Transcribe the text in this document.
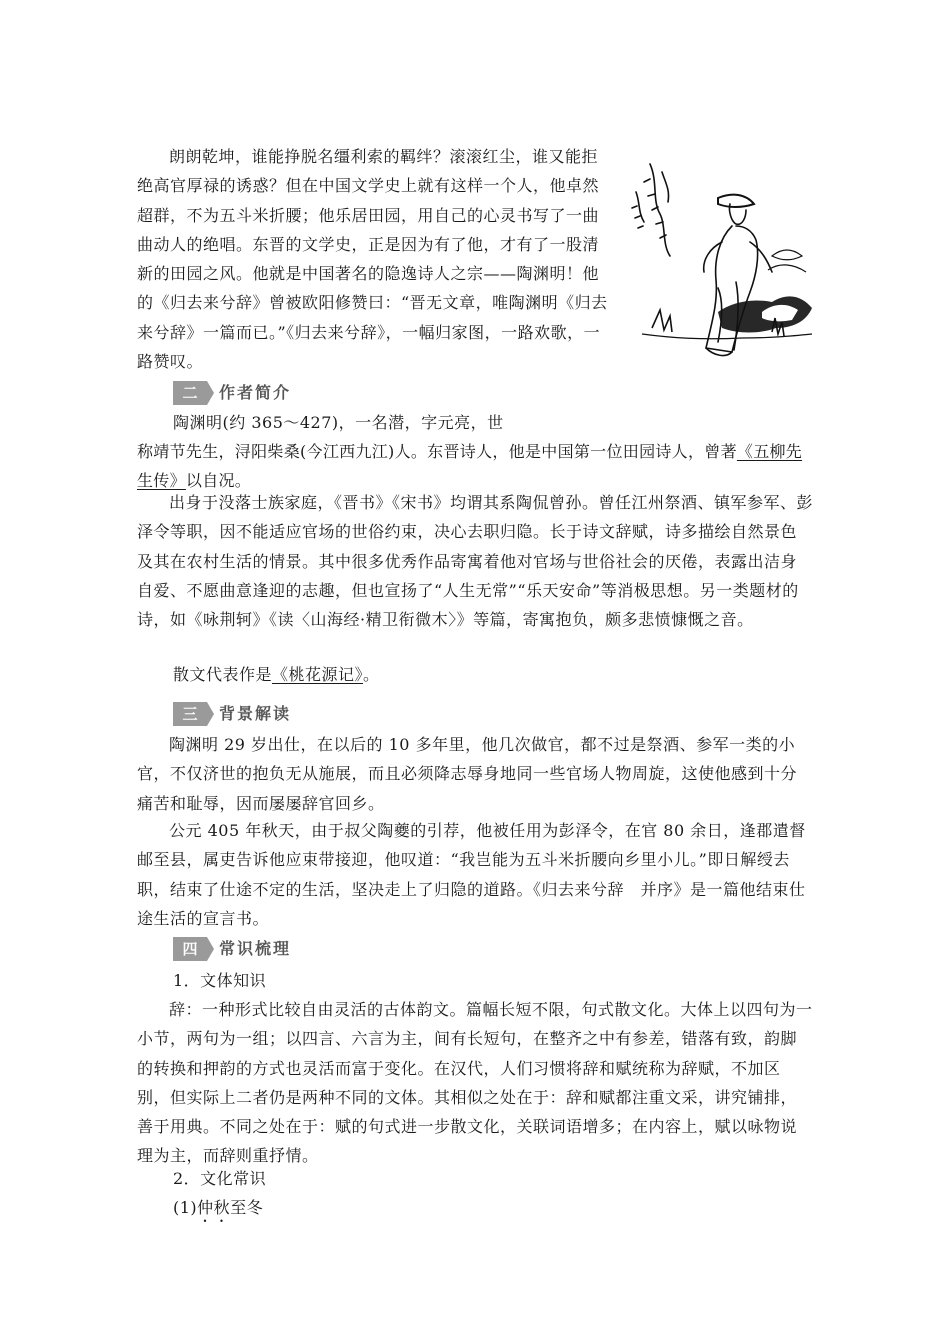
朗朗乾坤，谁能挣脱名缰利索的羁绊？滚滚红尘，谁又能拒绝高官厚禄的诱惑？但在中国文学史上就有这样一个人，他卓然超群，不为五斗米折腰；他乐居田园，用自己的心灵书写了一曲曲动人的绝唱。东晋的文学史，正是因为有了他，才有了一股清新的田园之风。他就是中国著名的隐逸诗人之宗——陶渊明！他的《归去来兮辞》曾被欧阳修赞曰：“晋无文章，唯陶渊明《归去来兮辞》一篇而已。”《归去来兮辞》，一幅归家图，一路欢歌，一路赞叹。

二	作者简介

陶渊明(约 365～427)，一名潜，字元亮，世

称靖节先生，浔阳柴桑(今江西九江)人。东晋诗人，他是中国第一位田园诗人，曾著《五柳先生传》以自况。

出身于没落士族家庭，《晋书》《宋书》均谓其系陶侃曾孙。曾任江州祭酒、镇军参军、彭泽令等职，因不能适应官场的世俗约束，决心去职归隐。长于诗文辞赋，诗多描绘自然景色及其在农村生活的情景。其中很多优秀作品寄寓着他对官场与世俗社会的厌倦，表露出洁身自爱、不愿曲意逢迎的志趣，但也宣扬了“人生无常”“乐天安命”等消极思想。另一类题材的诗，如《咏荆轲》《读〈山海经·精卫衔微木〉》等篇，寄寓抱负，颇多悲愤慷慨之音。

散文代表作是《桃花源记》。

三	背景解读

陶渊明 29 岁出仕，在以后的 10 多年里，他几次做官，都不过是祭酒、参军一类的小官，不仅济世的抱负无从施展，而且必须降志辱身地同一些官场人物周旋，这使他感到十分痛苦和耻辱，因而屡屡辞官回乡。

公元 405 年秋天，由于叔父陶夔的引荐，他被任用为彭泽令，在官 80 余日，逢郡遣督邮至县，属吏告诉他应束带接迎，他叹道：“我岂能为五斗米折腰向乡里小儿。”即日解绶去职，结束了仕途不定的生活，坚决走上了归隐的道路。《归去来兮辞　并序》是一篇他结束仕途生活的宣言书。

四	常识梳理

1．文体知识

辞：一种形式比较自由灵活的古体韵文。篇幅长短不限，句式散文化。大体上以四句为一小节，两句为一组；以四言、六言为主，间有长短句，在整齐之中有参差，错落有致，韵脚的转换和押韵的方式也灵活而富于变化。在汉代，人们习惯将辞和赋统称为辞赋，不加区别，但实际上二者仍是两种不同的文体。其相似之处在于：辞和赋都注重文采，讲究铺排，善于用典。不同之处在于：赋的句式进一步散文化，关联词语增多；在内容上，赋以咏物说理为主，而辞则重抒情。

2．文化常识

(1)仲秋至冬
